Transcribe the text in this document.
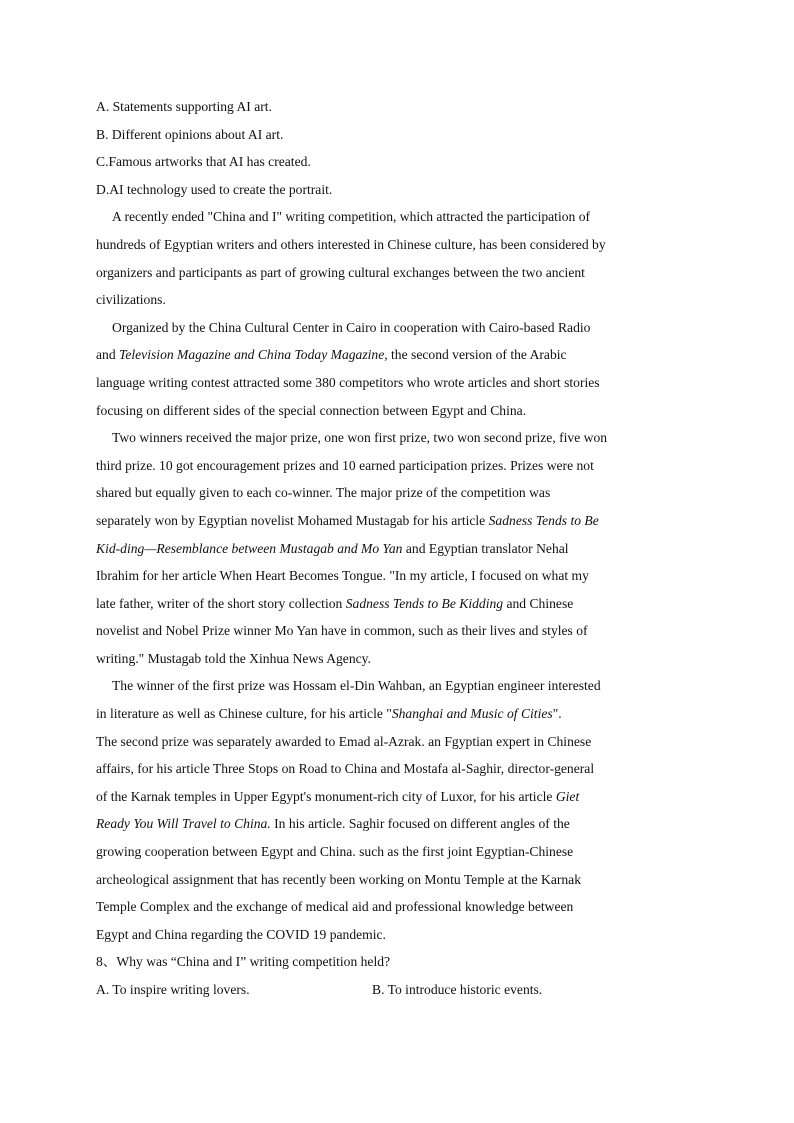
A. Statements supporting AI art.
B. Different opinions about AI art.
C.Famous artworks that AI has created.
D.AI technology used to create the portrait.
A recently ended "China and I" writing competition, which attracted the participation of
hundreds of Egyptian writers and others interested in Chinese culture, has been considered by
organizers and participants as part of growing cultural exchanges between the two ancient
civilizations.
Organized by the China Cultural Center in Cairo in cooperation with Cairo-based Radio
and Television Magazine and China Today Magazine, the second version of the Arabic
language writing contest attracted some 380 competitors who wrote articles and short stories
focusing on different sides of the special connection between Egypt and China.
Two winners received the major prize, one won first prize, two won second prize, five won
third prize. 10 got encouragement prizes and 10 earned participation prizes. Prizes were not
shared but equally given to each co-winner. The major prize of the competition was
separately won by Egyptian novelist Mohamed Mustagab for his article Sadness Tends to Be
Kid-ding—Resemblance between Mustagab and Mo Yan and Egyptian translator Nehal
Ibrahim for her article When Heart Becomes Tongue. "In my article, I focused on what my
late father, writer of the short story collection Sadness Tends to Be Kidding and Chinese
novelist and Nobel Prize winner Mo Yan have in common, such as their lives and styles of
writing." Mustagab told the Xinhua News Agency.
The winner of the first prize was Hossam el-Din Wahban, an Egyptian engineer interested
in literature as well as Chinese culture, for his article "Shanghai and Music of Cities".
The second prize was separately awarded to Emad al-Azrak. an Fgyptian expert in Chinese
affairs, for his article Three Stops on Road to China and Mostafa al-Saghir, director-general
of the Karnak temples in Upper Egypt's monument-rich city of Luxor, for his article Giet
Ready You Will Travel to China. In his article. Saghir focused on different angles of the
growing cooperation between Egypt and China. such as the first joint Egyptian-Chinese
archeological assignment that has recently been working on Montu Temple at the Karnak
Temple Complex and the exchange of medical aid and professional knowledge between
Egypt and China regarding the COVID 19 pandemic.
8、Why was “China and I” writing competition held?
A. To inspire writing lovers.	B. To introduce historic events.
